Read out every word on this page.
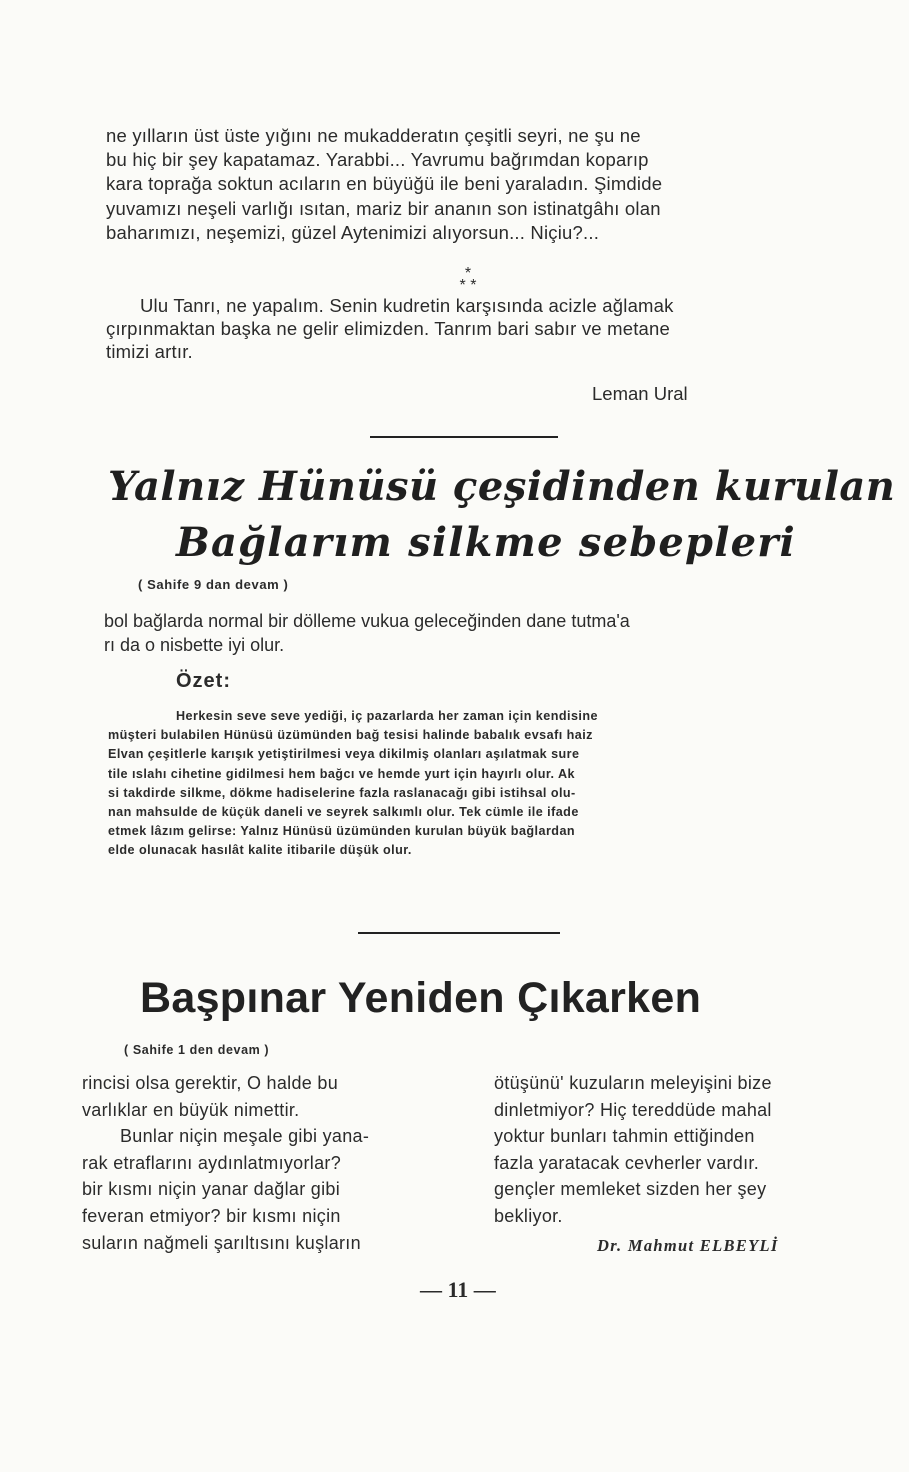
ne yılların üst üste yığını ne mukadderatın çeşitli seyri, ne şu ne
bu hiç bir şey kapatamaz. Yarabbi... Yavrumu bağrımdan koparıp
kara toprağa soktun acıların en büyüğü ile beni yaraladın. Şimdide
yuvamızı neşeli varlığı ısıtan, mariz bir ananın son istinatgâhı olan
baharımızı, neşemizi, güzel Aytenimizi alıyorsun... Niçiu?...
*
* *
Ulu Tanrı, ne yapalım. Senin kudretin karşısında acizle ağlamak
çırpınmaktan başka ne gelir elimizden. Tanrım bari sabır ve metane
timizi artır.
Leman Ural
Yalnız Hünüsü çeşidinden kurulan
Bağlarım silkme sebepleri
( Sahife 9 dan devam )
bol bağlarda normal bir dölleme vukua geleceğinden dane tutma'a
rı da o nisbette iyi olur.
Özet:
Herkesin seve seve yediği, iç pazarlarda her zaman için kendisine
müşteri bulabilen Hünüsü üzümünden bağ tesisi halinde babalık evsafı haiz
Elvan çeşitlerle karışık yetiştirilmesi veya dikilmiş olanları aşılatmak sure
tile ıslahı cihetine gidilmesi hem bağcı ve hemde yurt için hayırlı olur. Ak
si takdirde silkme, dökme hadiselerine fazla raslanacağı gibi istihsal olu-
nan mahsulde de küçük daneli ve seyrek salkımlı olur. Tek cümle ile ifade
etmek lâzım gelirse: Yalnız Hünüsü üzümünden kurulan büyük bağlardan
elde olunacak hasılât kalite itibarile düşük olur.
Başpınar Yeniden Çıkarken
( Sahife 1 den devam )
rincisi olsa gerektir, O halde bu
varlıklar en büyük nimettir.
Bunlar niçin meşale gibi yana-
rak etraflarını aydınlatmıyorlar?
bir kısmı niçin yanar dağlar gibi
feveran etmiyor? bir kısmı niçin
suların nağmeli şarıltısını kuşların
ötüşünü' kuzuların meleyişini bize
dinletmiyor? Hiç tereddüde mahal
yoktur bunları tahmin ettiğinden
fazla yaratacak cevherler vardır.
gençler memleket sizden her şey
bekliyor.
Dr. Mahmut ELBEYLİ
— 11 —
